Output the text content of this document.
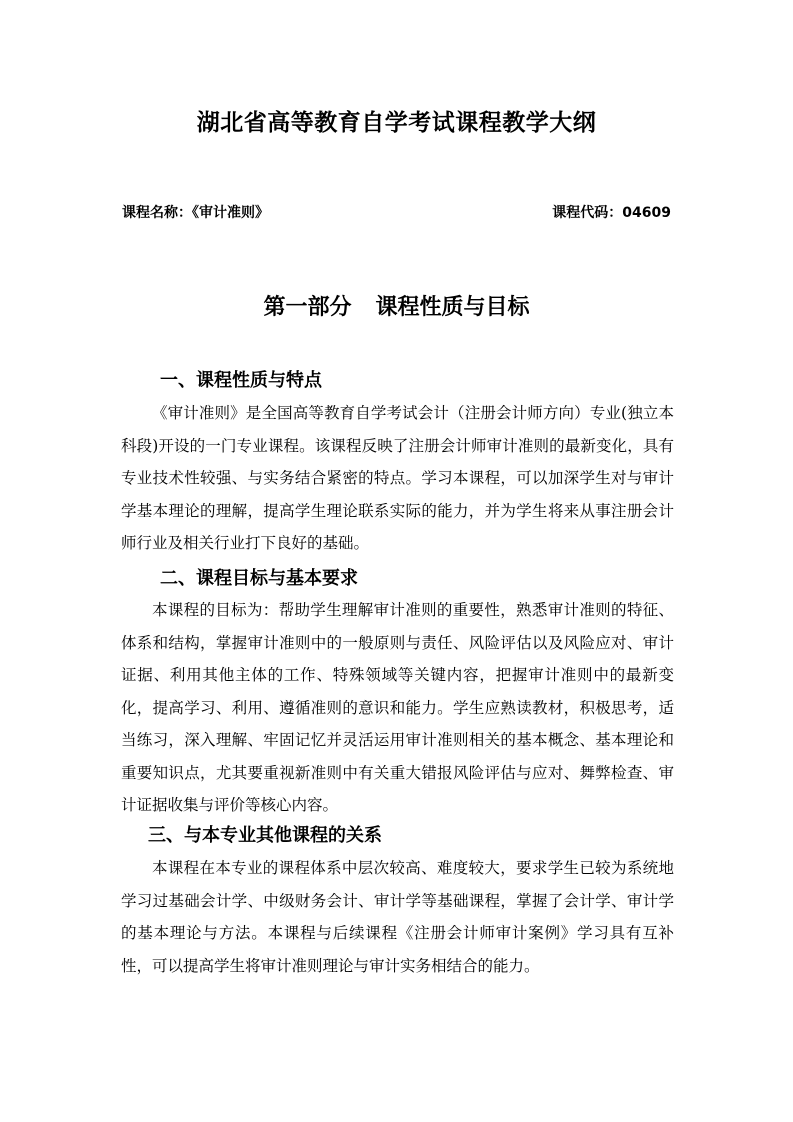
湖北省高等教育自学考试课程教学大纲
课程名称：《审计准则》	课程代码：04609
第一部分 课程性质与目标
一、课程性质与特点

《审计准则》是全国高等教育自学考试会计（注册会计师方向）专业(独立本科段)开设的一门专业课程。该课程反映了注册会计师审计准则的最新变化，具有专业技术性较强、与实务结合紧密的特点。学习本课程，可以加深学生对与审计学基本理论的理解，提高学生理论联系实际的能力，并为学生将来从事注册会计师行业及相关行业打下良好的基础。

二、课程目标与基本要求

本课程的目标为：帮助学生理解审计准则的重要性，熟悉审计准则的特征、体系和结构，掌握审计准则中的一般原则与责任、风险评估以及风险应对、审计证据、利用其他主体的工作、特殊领域等关键内容，把握审计准则中的最新变化，提高学习、利用、遵循准则的意识和能力。学生应熟读教材，积极思考，适当练习，深入理解、牢固记忆并灵活运用审计准则相关的基本概念、基本理论和重要知识点，尤其要重视新准则中有关重大错报风险评估与应对、舞弊检查、审计证据收集与评价等核心内容。

三、与本专业其他课程的关系

本课程在本专业的课程体系中层次较高、难度较大，要求学生已较为系统地学习过基础会计学、中级财务会计、审计学等基础课程，掌握了会计学、审计学的基本理论与方法。本课程与后续课程《注册会计师审计案例》学习具有互补性，可以提高学生将审计准则理论与审计实务相结合的能力。
